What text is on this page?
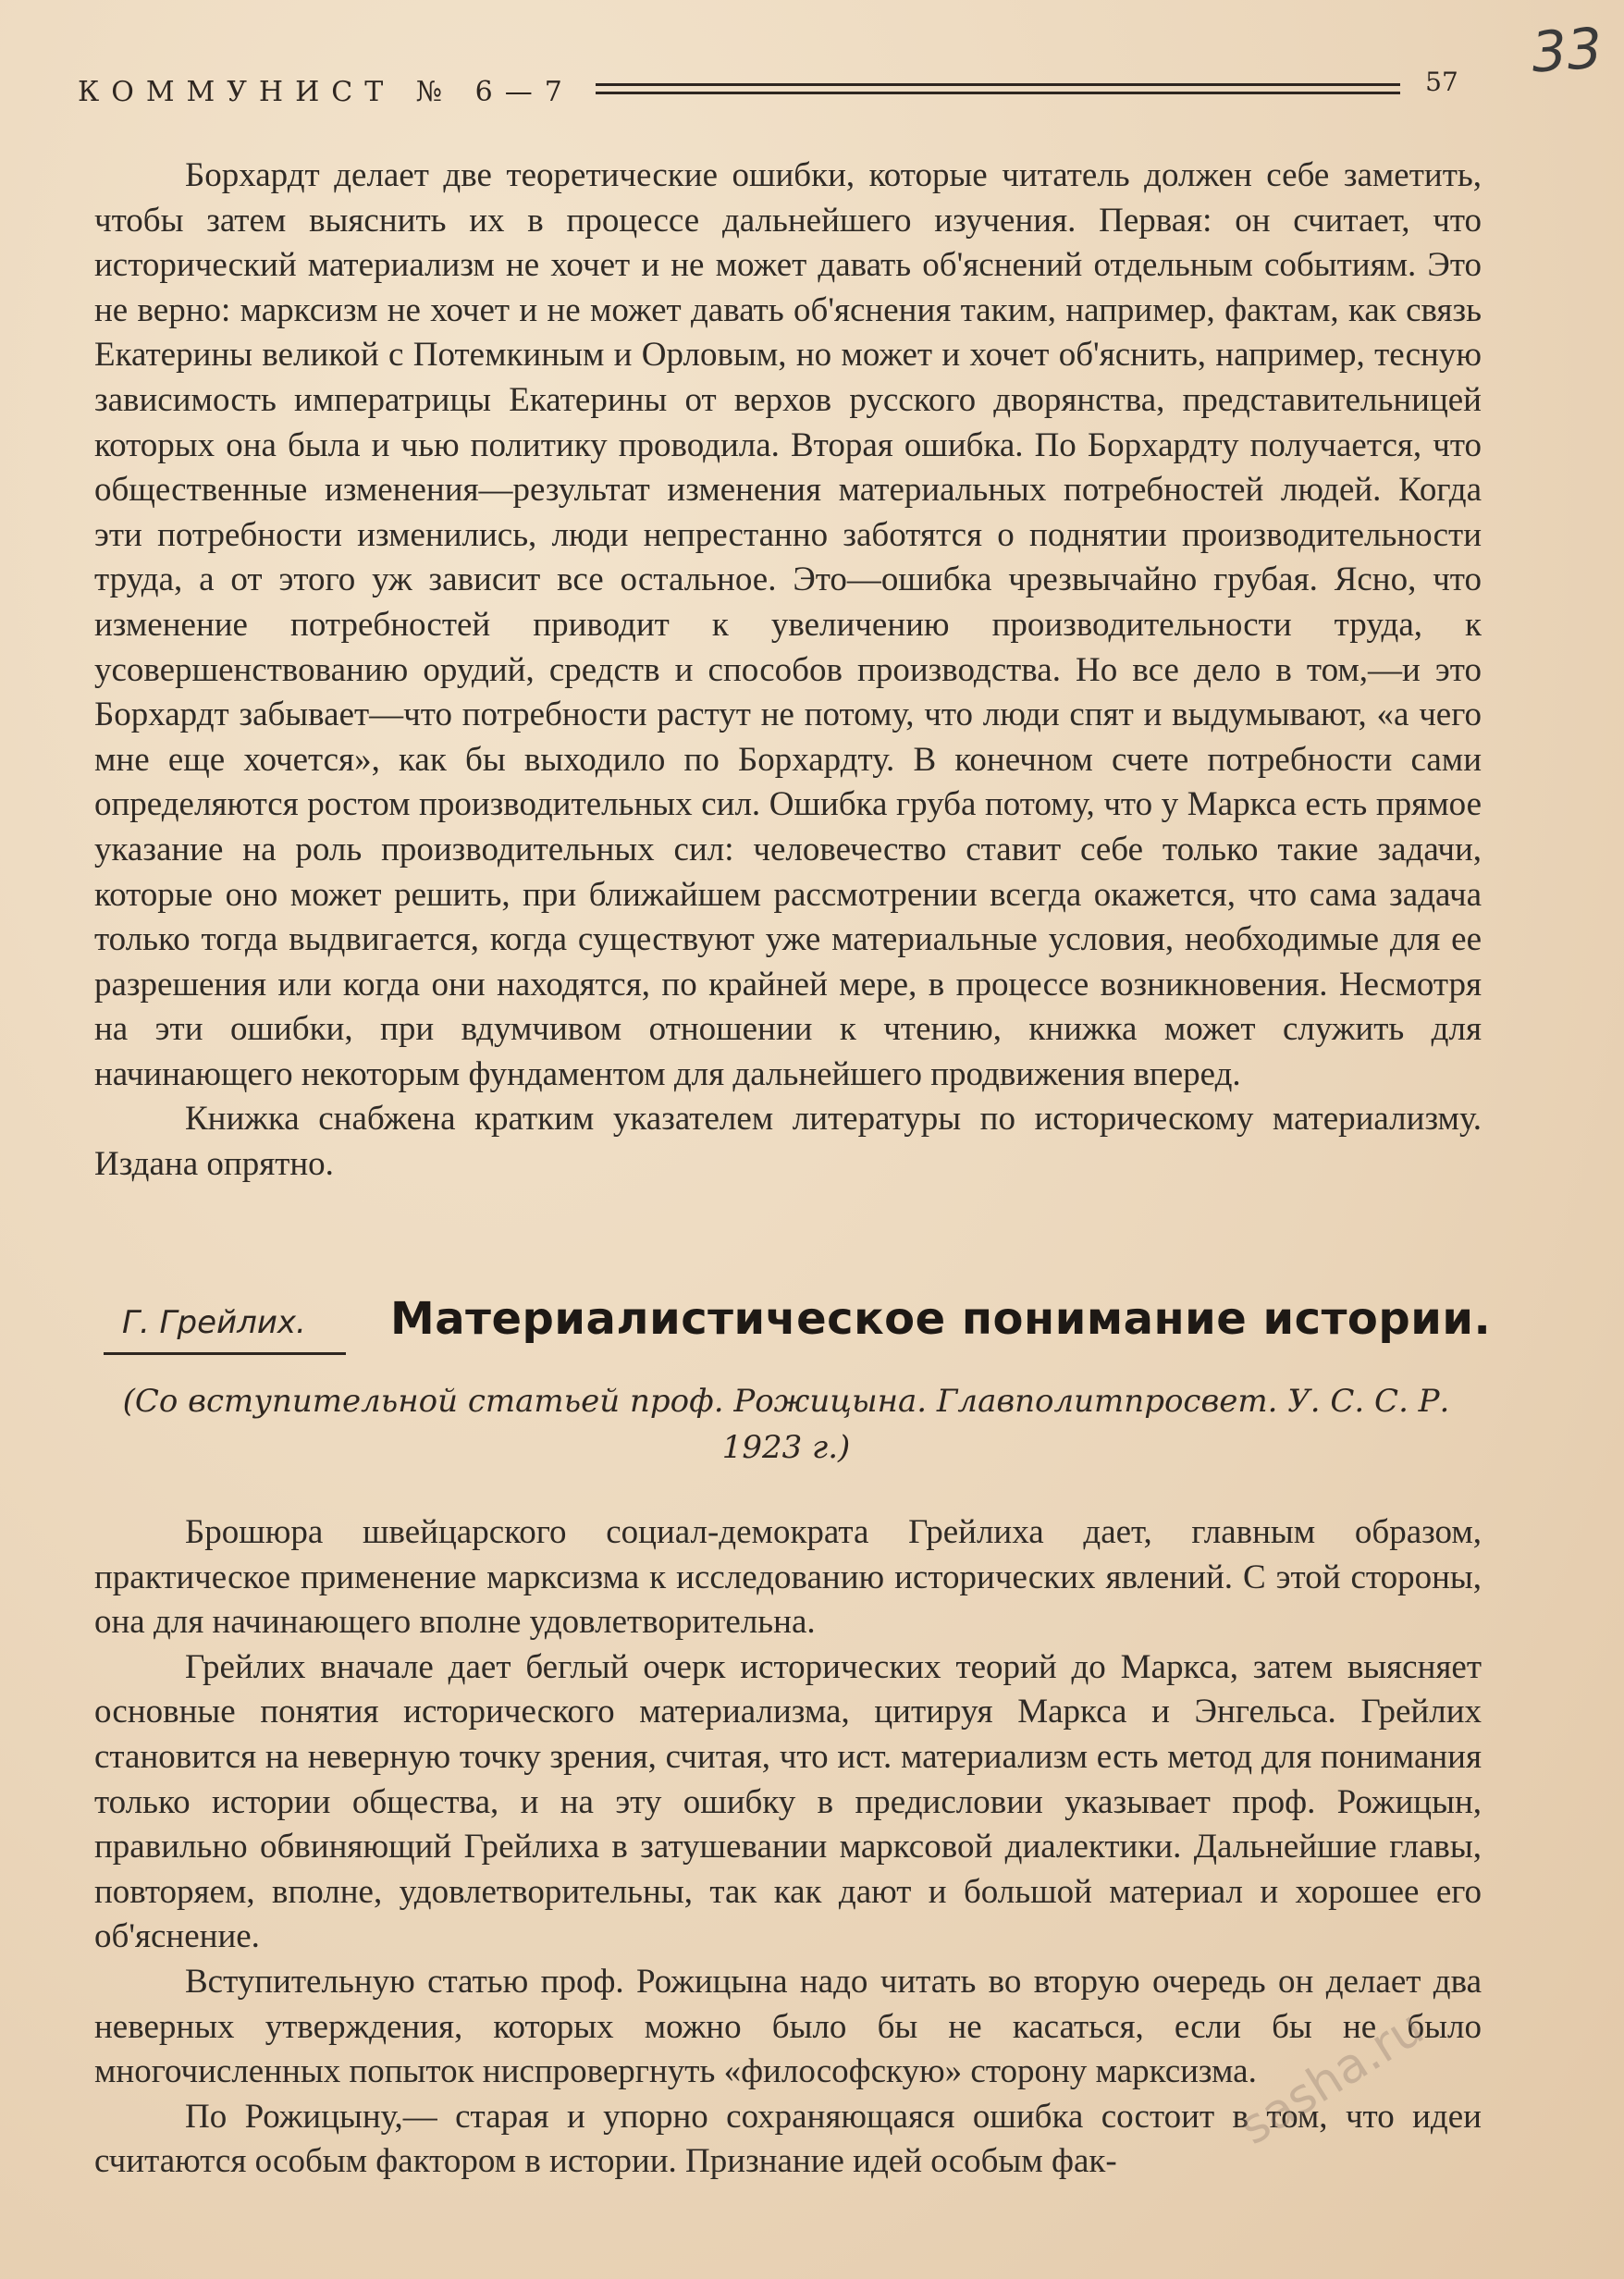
КОММУНИСТ № 6—7	57	33

Борхардт делает две теоретические ошибки, которые читатель должен себе заметить, чтобы затем выяснить их в процессе дальнейшего изучения. Первая: он считает, что исторический материализм не хочет и не может давать об'яснений отдельным событиям. Это не верно: марксизм не хочет и не может давать об'яснения таким, например, фактам, как связь Екатерины великой с Потемкиным и Орловым, но может и хочет об'яснить, например, тесную зависимость императрицы Екатерины от верхов русского дворянства, представительницей которых она была и чью политику проводила. Вторая ошибка. По Борхардту получается, что общественные изменения—результат изменения материальных потребностей людей. Когда эти потребности изменились, люди непрестанно заботятся о поднятии производительности труда, а от этого уж зависит все остальное. Это—ошибка чрезвычайно грубая. Ясно, что изменение потребностей приводит к увеличению производительности труда, к усовершенствованию орудий, средств и способов производства. Но все дело в том,—и это Борхардт забывает—что потребности растут не потому, что люди спят и выдумывают, «а чего мне еще хочется», как бы выходило по Борхардту. В конечном счете потребности сами определяются ростом производительных сил. Ошибка груба потому, что у Маркса есть прямое указание на роль производительных сил: человечество ставит себе только такие задачи, которые оно может решить, при ближайшем рассмотрении всегда окажется, что сама задача только тогда выдвигается, когда существуют уже материальные условия, необходимые для ее разрешения или когда они находятся, по крайней мере, в процессе возникновения. Несмотря на эти ошибки, при вдумчивом отношении к чтению, книжка может служить для начинающего некоторым фундаментом для дальнейшего продвижения вперед.

Книжка снабжена кратким указателем литературы по историческому материализму. Издана опрятно.

Г. Грейлих. Материалистическое понимание истории.
(Со вступительной статьей проф. Рожицына. Главполитпросвет. У. С. С. Р. 1923 г.)

Брошюра швейцарского социал-демократа Грейлиха дает, главным образом, практическое применение марксизма к исследованию исторических явлений. С этой стороны, она для начинающего вполне удовлетворительна.

Грейлих вначале дает беглый очерк исторических теорий до Маркса, затем выясняет основные понятия исторического материализма, цитируя Маркса и Энгельса. Грейлих становится на неверную точку зрения, считая, что ист. материализм есть метод для понимания только истории общества, и на эту ошибку в предисловии указывает проф. Рожицын, правильно обвиняющий Грейлиха в затушевании марксовой диалектики. Дальнейшие главы, повторяем, вполне, удовлетворительны, так как дают и большой материал и хорошее его об'яснение.

Вступительную статью проф. Рожицына надо читать во вторую очередь он делает два неверных утверждения, которых можно было бы не касаться, если бы не было многочисленных попыток ниспровергнуть «философскую» сторону марксизма.

По Рожицыну,— старая и упорно сохраняющаяся ошибка состоит в том, что идеи считаются особым фактором в истории. Признание идей особым фак-

sasha.ru
